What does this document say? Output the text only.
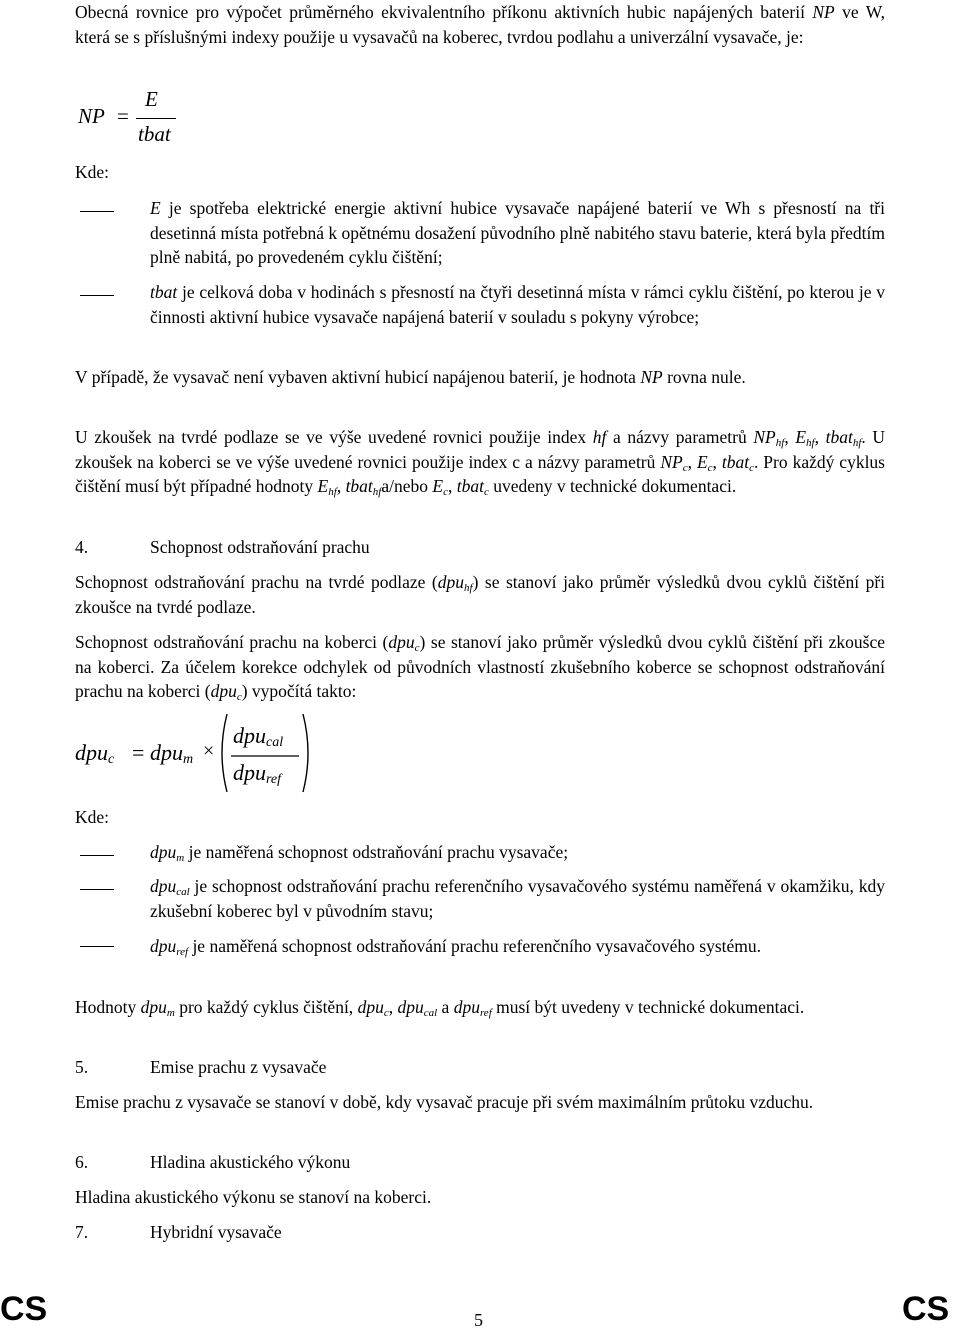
Obecná rovnice pro výpočet průměrného ekvivalentního příkonu aktivních hubic napájených baterií NP ve W, která se s příslušnými indexy použije u vysavačů na koberec, tvrdou podlahu a univerzální vysavače, je:
NP =
E
tbat
Kde:
E je spotřeba elektrické energie aktivní hubice vysavače napájené baterií ve Wh s přesností na tři desetinná místa potřebná k opětnému dosažení původního plně nabitého stavu baterie, která byla předtím plně nabitá, po provedeném cyklu čištění;
tbat je celková doba v hodinách s přesností na čtyři desetinná místa v rámci cyklu čištění, po kterou je v činnosti aktivní hubice vysavače napájená baterií v souladu s pokyny výrobce;
V případě, že vysavač není vybaven aktivní hubicí napájenou baterií, je hodnota NP rovna nule.
U zkoušek na tvrdé podlaze se ve výše uvedené rovnici použije index hf a názvy parametrů $NP_{hf}$, $E_{hf}$, tbat$_{hf}$. U zkoušek na koberci se ve výše uvedené rovnici použije index c a názvy parametrů $NP_c$, $E_c$, tbat$_c$. Pro každý cyklus čištění musí být případné hodnoty $E_{hf}$, tbat$_{hf}$a/nebo $E_c$, tbat$_c$ uvedeny v technické dokumentaci.
4.	Schopnost odstraňování prachu
Schopnost odstraňování prachu na tvrdé podlaze (dpu$_{hf}$) se stanoví jako průměr výsledků dvou cyklů čištění při zkoušce na tvrdé podlaze.
Schopnost odstraňování prachu na koberci (dpu$_c$) se stanoví jako průměr výsledků dvou cyklů čištění při zkoušce na koberci. Za účelem korekce odchylek od původních vlastností zkušebního koberce se schopnost odstraňování prachu na koberci (dpu$_c$) vypočítá takto:
dpu$_c$ = dpu$_m$ ×
dpu$_{cal}$
dpu$_{ref}$
Kde:
dpu$_m$ je naměřená schopnost odstraňování prachu vysavače;
dpu$_{cal}$ je schopnost odstraňování prachu referenčního vysavačového systému naměřená v okamžiku, kdy zkušební koberec byl v původním stavu;
dpu$_{ref}$ je naměřená schopnost odstraňování prachu referenčního vysavačového systému.
Hodnoty dpu$_m$ pro každý cyklus čištění, dpu$_c$, dpu$_{cal}$ a dpu$_{ref}$ musí být uvedeny v technické dokumentaci.
5.	Emise prachu z vysavače
Emise prachu z vysavače se stanoví v době, kdy vysavač pracuje při svém maximálním průtoku vzduchu.
6.	Hladina akustického výkonu
Hladina akustického výkonu se stanoví na koberci.
7.	Hybridní vysavače
CS	5	CS
